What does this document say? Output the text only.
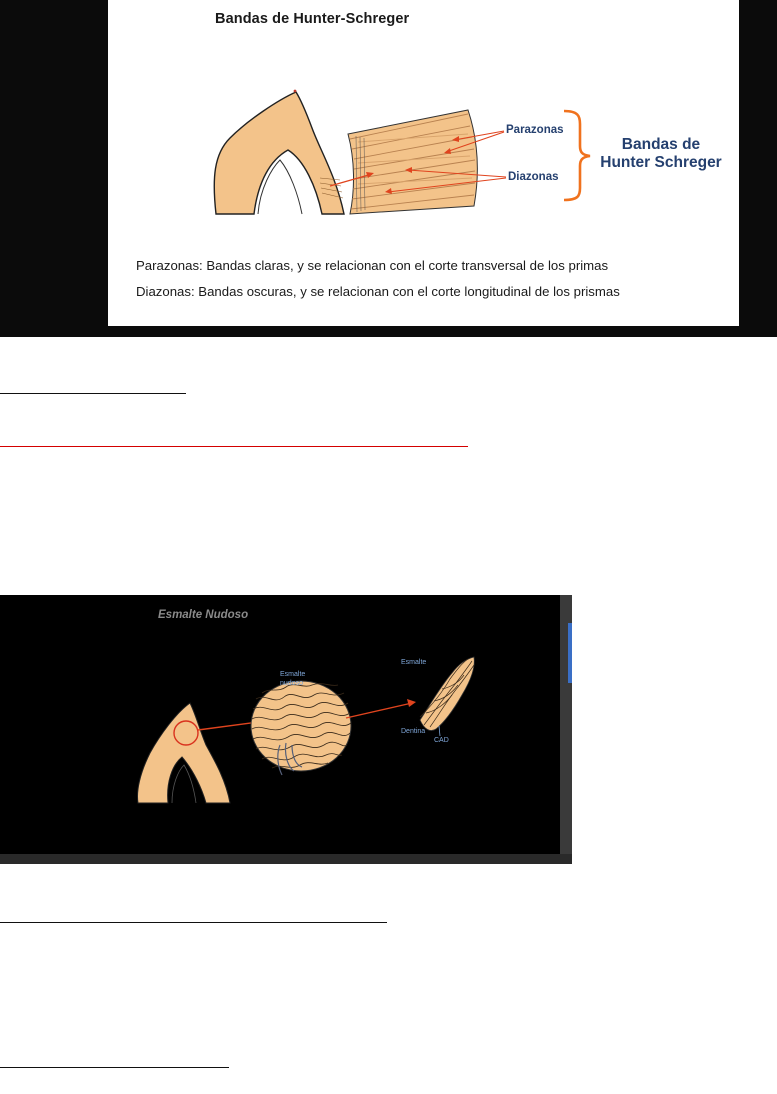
Bandas de Hunter-Schreger
Parazonas
Diazonas
Bandas de
Hunter Schreger
Parazonas: Bandas claras, y se relacionan con el corte transversal de los primas
Diazonas: Bandas oscuras, y se relacionan con el corte longitudinal de los prismas
Esmalte Nudoso
Esmalte
nudoso
Esmalte
Dentina
CAD
